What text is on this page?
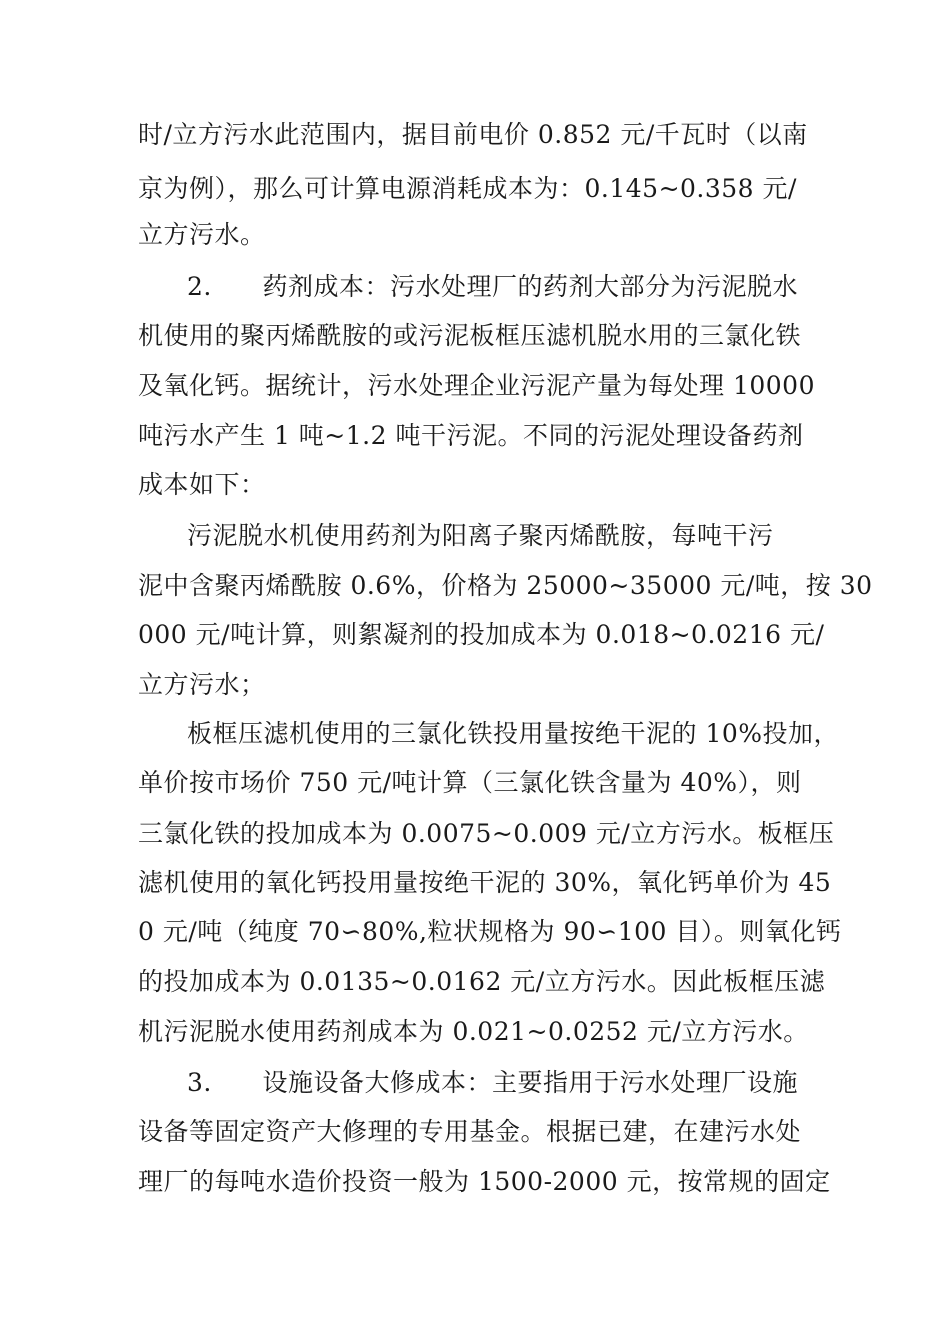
时/立方污水此范围内，据目前电价 0.852 元/千瓦时（以南
京为例），那么可计算电源消耗成本为：0.145~0.358 元/
立方污水。
2.      药剂成本：污水处理厂的药剂大部分为污泥脱水
机使用的聚丙烯酰胺的或污泥板框压滤机脱水用的三氯化铁
及氧化钙。据统计，污水处理企业污泥产量为每处理 10000
吨污水产生 1 吨~1.2 吨干污泥。不同的污泥处理设备药剂
成本如下：
污泥脱水机使用药剂为阳离子聚丙烯酰胺，每吨干污
泥中含聚丙烯酰胺 0.6%，价格为 25000~35000 元/吨，按 30
000 元/吨计算，则絮凝剂的投加成本为 0.018~0.0216 元/
立方污水；
板框压滤机使用的三氯化铁投用量按绝干泥的 10%投加，
单价按市场价 750 元/吨计算（三氯化铁含量为 40%），则
三氯化铁的投加成本为 0.0075~0.009 元/立方污水。板框压
滤机使用的氧化钙投用量按绝干泥的 30%，氧化钙单价为 45
0 元/吨（纯度 70∽80%,粒状规格为 90∽100 目）。则氧化钙
的投加成本为 0.0135~0.0162 元/立方污水。因此板框压滤
机污泥脱水使用药剂成本为 0.021~0.0252 元/立方污水。
3.      设施设备大修成本：主要指用于污水处理厂设施
设备等固定资产大修理的专用基金。根据已建，在建污水处
理厂的每吨水造价投资一般为 1500-2000 元，按常规的固定
